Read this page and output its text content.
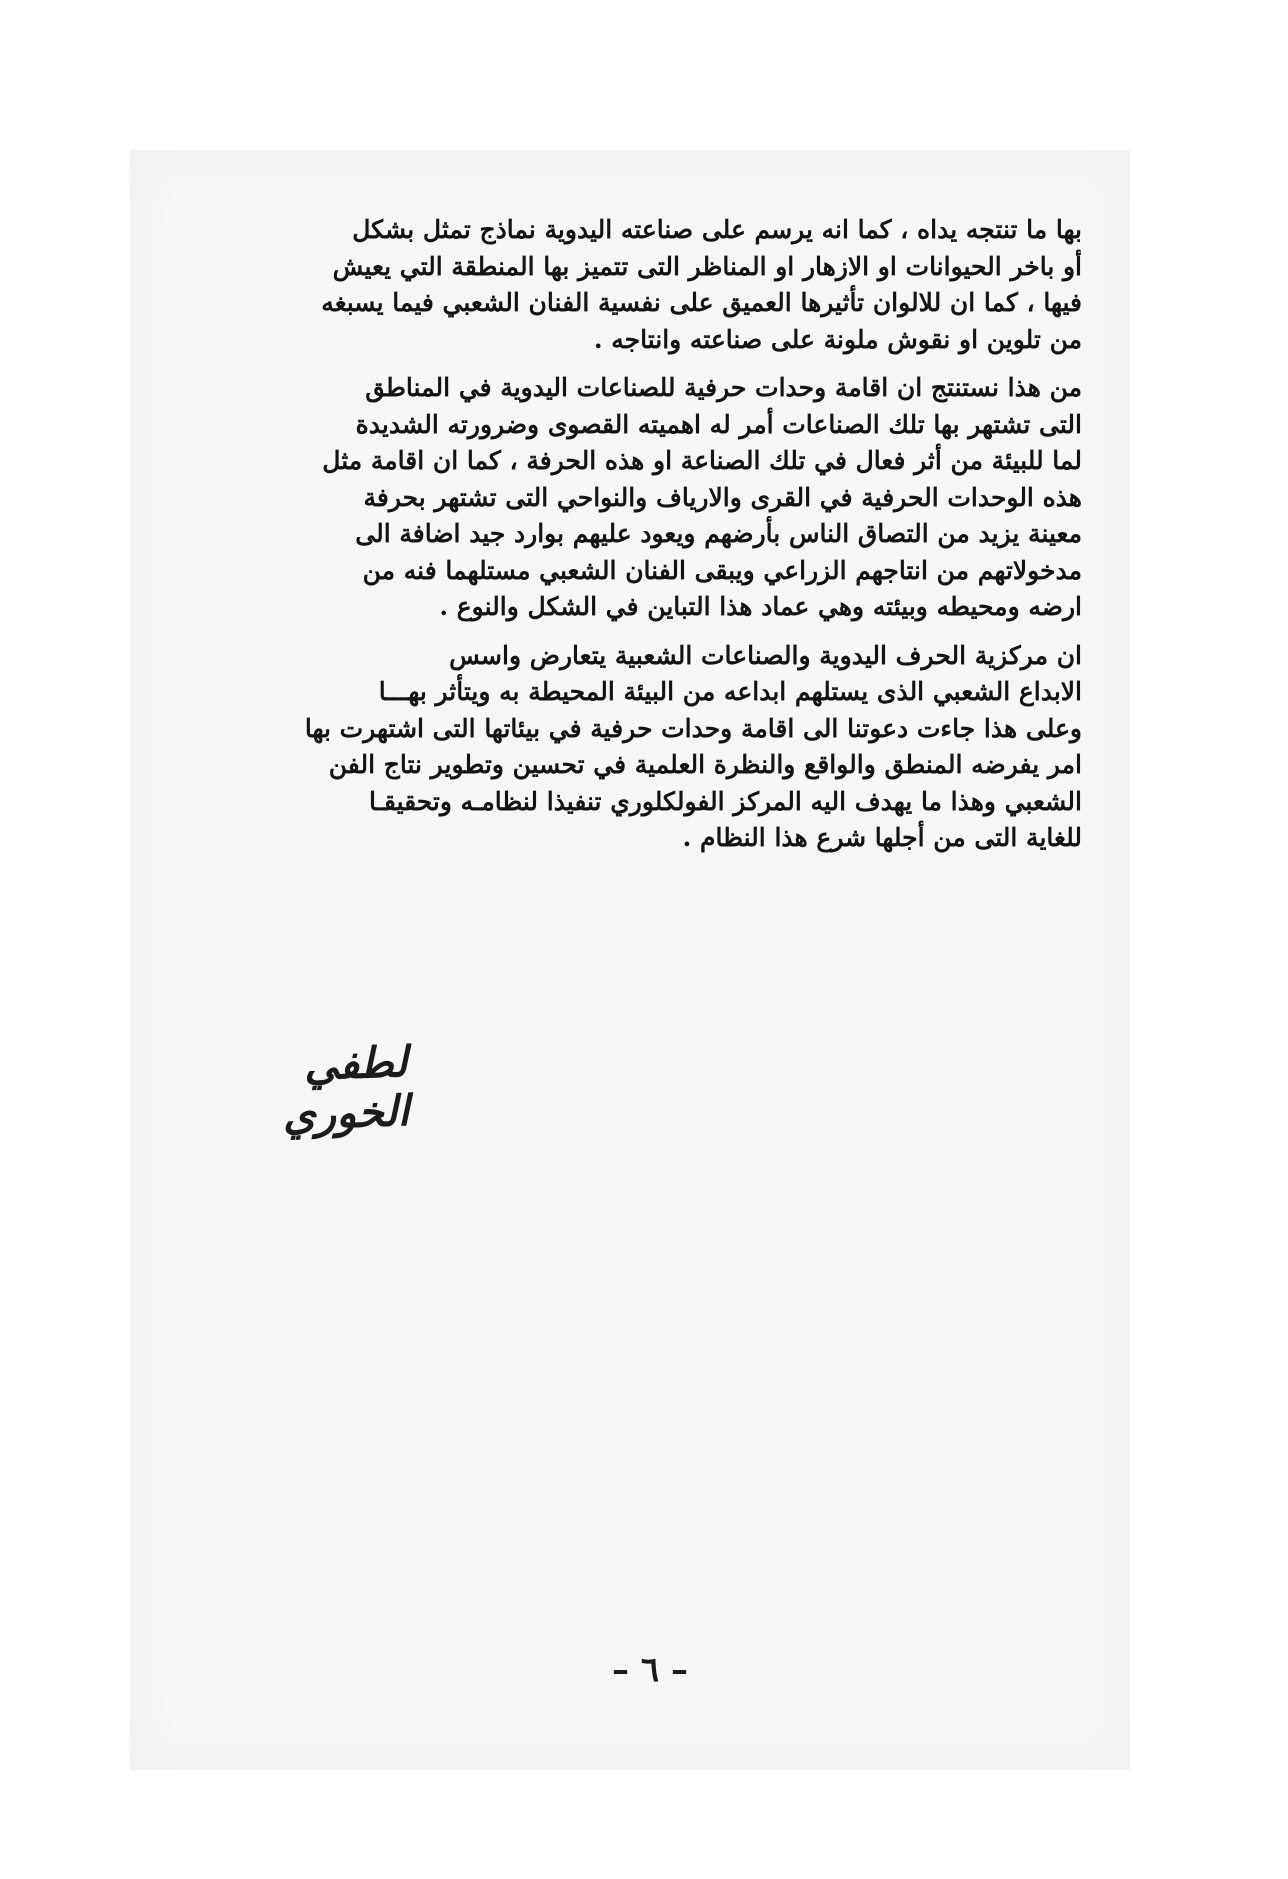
بها ما تنتجه يداه ، كما انه يرسم على صناعته اليدوية نماذج تمثل بشكل
أو باخر الحيوانات او الازهار او المناظر التى تتميز بها المنطقة التي يعيش
فيها ، كما ان للالوان تأثيرها العميق على نفسية الفنان الشعبي فيما يسبغه
من تلوين او نقوش ملونة على صناعته وانتاجه .

من هذا نستنتج ان اقامة وحدات حرفية للصناعات اليدوية في المناطق
التى تشتهر بها تلك الصناعات أمر له اهميته القصوى وضرورته الشديدة
لما للبيئة من أثر فعال في تلك الصناعة او هذه الحرفة ، كما ان اقامة مثل
هذه الوحدات الحرفية في القرى والارياف والنواحي التى تشتهر بحرفة
معينة يزيد من التصاق الناس بأرضهم ويعود عليهم بوارد جيد اضافة الى
مدخولاتهم من انتاجهم الزراعي ويبقى الفنان الشعبي مستلهما فنه من
ارضه ومحيطه وبيئته وهي عماد هذا التباين في الشكل والنوع .

ان مركزية الحرف اليدوية والصناعات الشعبية يتعارض واسس
الابداع الشعبي الذى يستلهم ابداعه من البيئة المحيطة به ويتأثر بهـــا
وعلى هذا جاءت دعوتنا الى اقامة وحدات حرفية في بيئاتها التى اشتهرت بها
امر يفرضه المنطق والواقع والنظرة العلمية في تحسين وتطوير نتاج الفن
الشعبي وهذا ما يهدف اليه المركز الفولكلوري تنفيذا لنظامـه وتحقيقـا
للغاية التى من أجلها شرع هذا النظام .

لطفي الخوري
– ٦ –
